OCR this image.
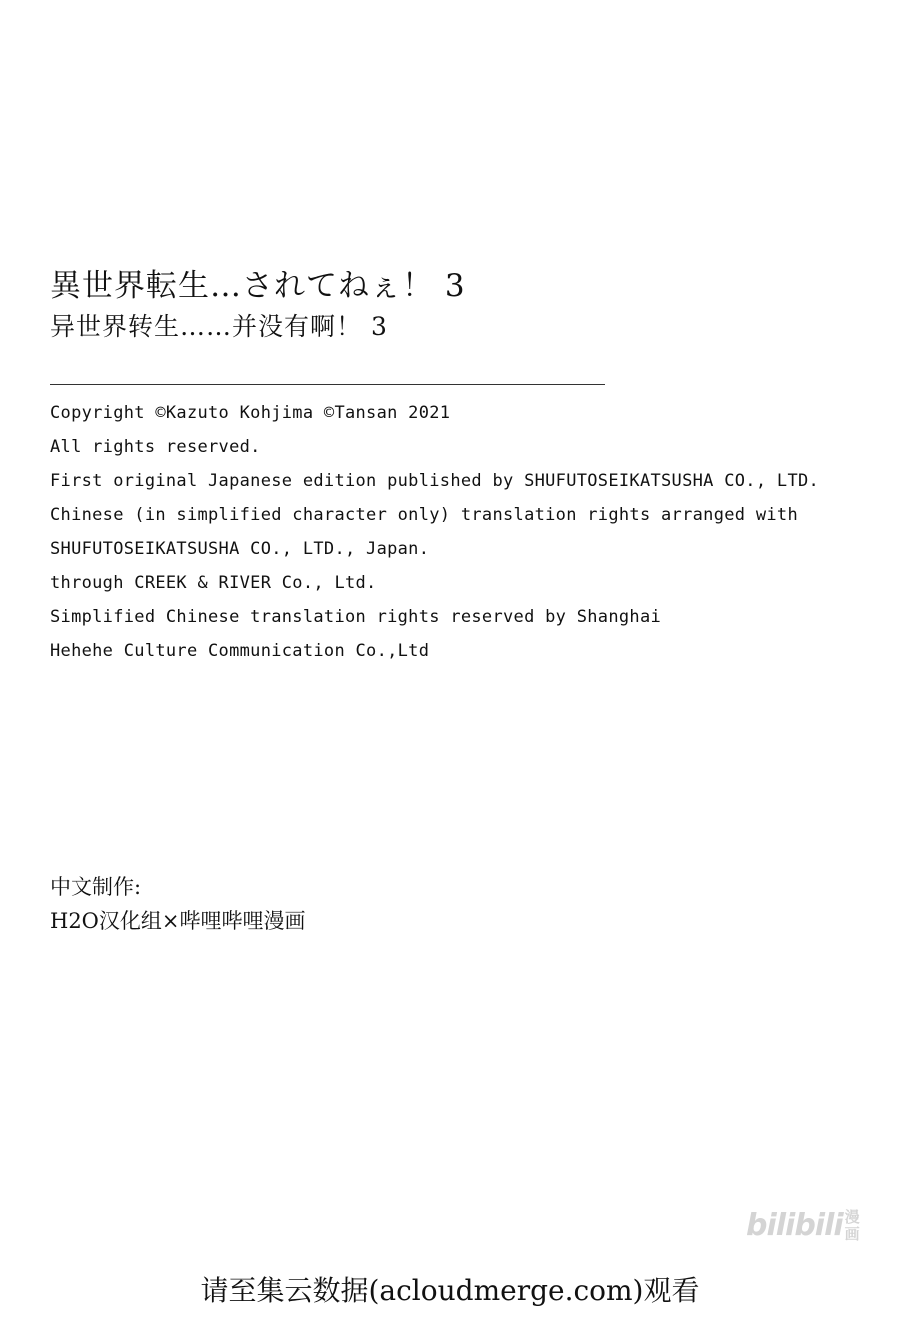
異世界転生…されてねぇ！ 3
异世界转生……并没有啊！ 3
Copyright ©Kazuto Kohjima ©Tansan 2021
All rights reserved.
First original Japanese edition published by SHUFUTOSEIKATSUSHA CO., LTD.
Chinese (in simplified character only) translation rights arranged with
SHUFUTOSEIKATSUSHA CO., LTD., Japan.
through CREEK & RIVER Co., Ltd.
Simplified Chinese translation rights reserved by Shanghai
Hehehe Culture Communication Co.,Ltd
中文制作:
H2O汉化组×哔哩哔哩漫画
bilibili 漫
画
请至集云数据(acloudmerge.com)观看
